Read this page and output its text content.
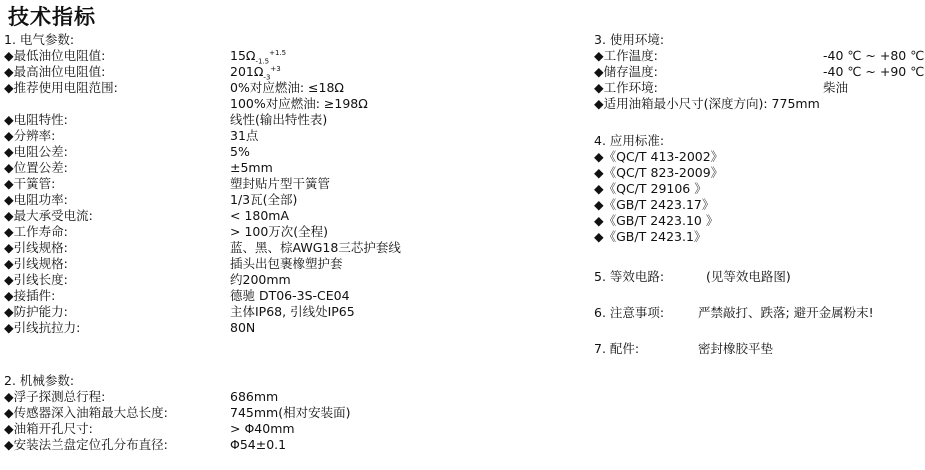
技术指标
1. 电气参数:
◆最低油位电阻值:	$15\Omega_{-1.5}^{+1.5}$
◆最高油位电阻值:	$201\Omega_{-3}^{+3}$
◆推荐使用电阻范围:	0%对应燃油: ≤18Ω
100%对应燃油: ≥198Ω
◆电阻特性:	线性(输出特性表)
◆分辨率:	31点
◆电阻公差:	5%
◆位置公差:	±5mm
◆干簧管:	塑封贴片型干簧管
◆电阻功率:	1/3瓦(全部)
◆最大承受电流:	< 180mA
◆工作寿命:	> 100万次(全程)
◆引线规格:	蓝、黑、棕AWG18三芯护套线
◆引线规格:	插头出包裹橡塑护套
◆引线长度:	约200mm
◆接插件:	德驰 DT06-3S-CE04
◆防护能力:	主体IP68, 引线处IP65
◆引线抗拉力:	80N
2. 机械参数:
◆浮子探测总行程:	686mm
◆传感器深入油箱最大总长度:	745mm(相对安装面)
◆油箱开孔尺寸:	> Φ40mm
◆安装法兰盘定位孔分布直径:	Φ54±0.1
3. 使用环境:
◆工作温度:	-40 ℃ ~ +80 ℃
◆储存温度:	-40 ℃ ~ +90 ℃
◆工作环境:	柴油
◆适用油箱最小尺寸(深度方向): 775mm
4. 应用标准:
◆《QC/T 413-2002》
◆《QC/T 823-2009》
◆《QC/T 29106 》
◆《GB/T 2423.17》
◆《GB/T 2423.10 》
◆《GB/T 2423.1》
5. 等效电路:	(见等效电路图)
6. 注意事项:	严禁敲打、跌落; 避开金属粉末!
7. 配件:	密封橡胶平垫
